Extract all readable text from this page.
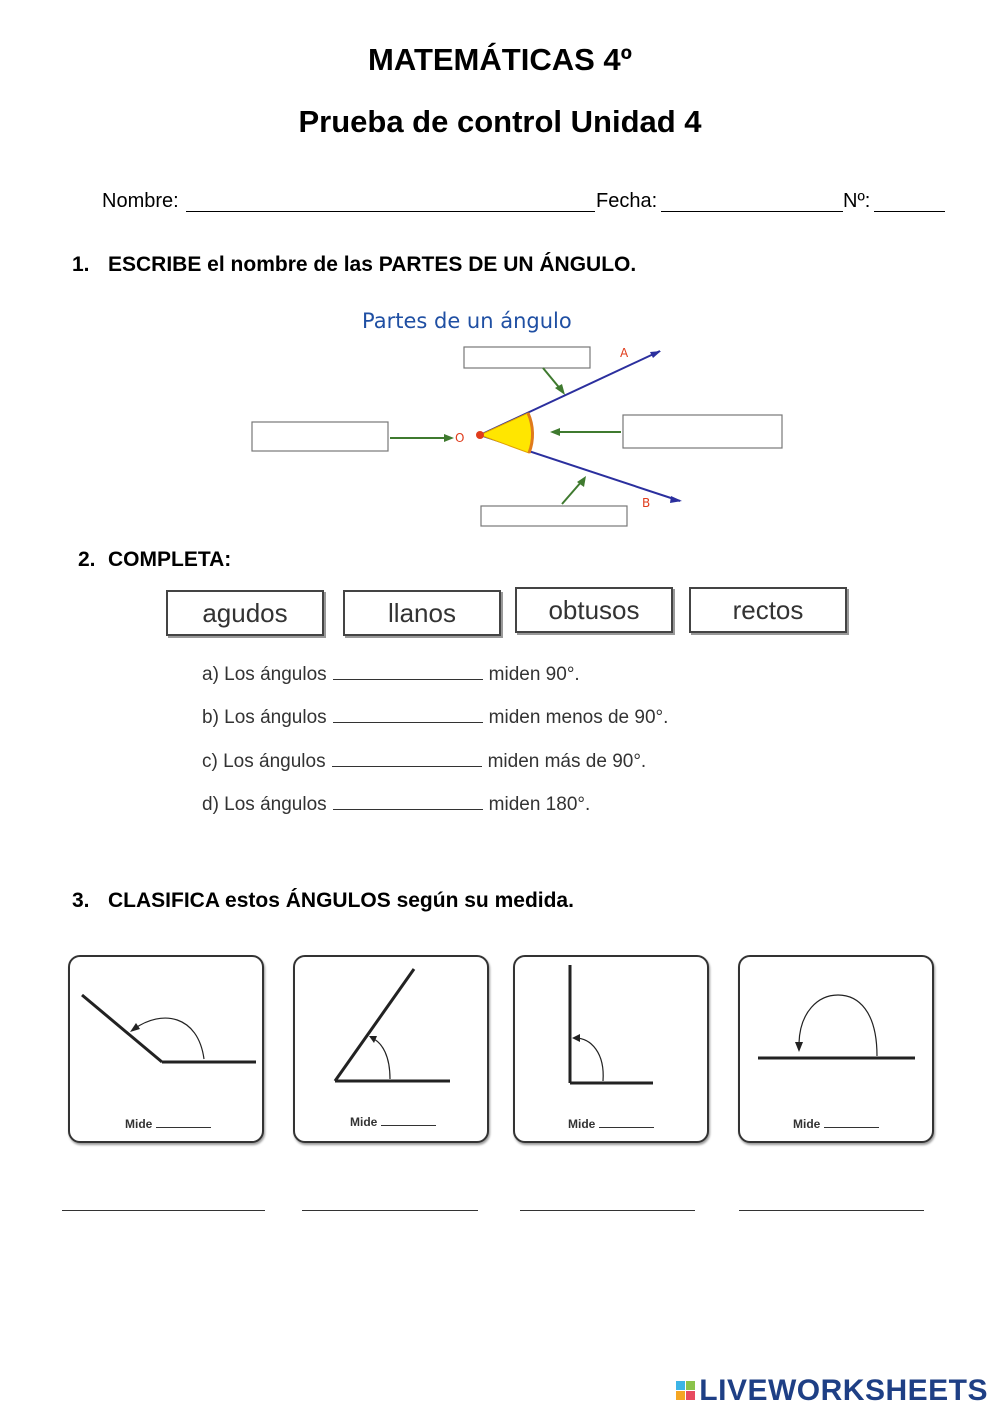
MATEMÁTICAS 4º
Prueba de control Unidad 4
Nombre:	Fecha:	Nº:
1. ESCRIBE el nombre de las PARTES DE UN ÁNGULO.
Partes de un ángulo
O
A
B
2. COMPLETA:
agudos	llanos	obtusos	rectos
a) Los ángulos	miden 90°.
b) Los ángulos	miden menos de 90°.
c) Los ángulos	miden más de 90°.
d) Los ángulos	miden 180°.
3. CLASIFICA estos ÁNGULOS según su medida.
Mide	Mide	Mide	Mide
LIVEWORKSHEETS
